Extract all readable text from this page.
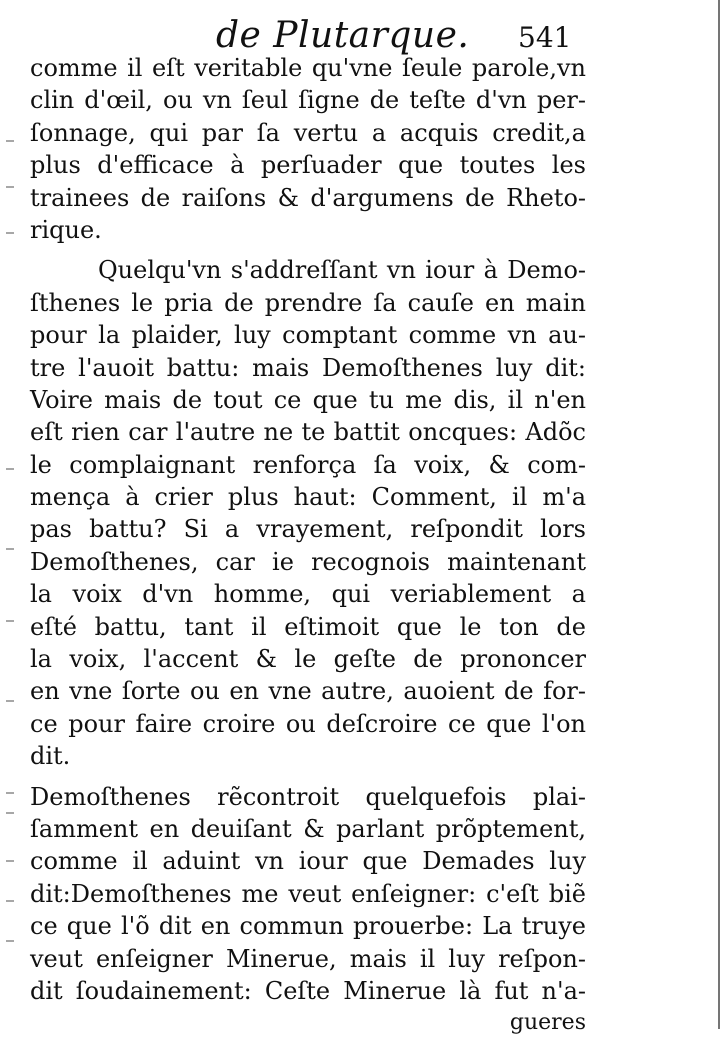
de Plutarque. 541
comme il eſt veritable qu'vne ſeule parole,vn
clin d'œil, ou vn ſeul ſigne de teſte d'vn per-
ſonnage, qui par ſa vertu a acquis credit,a
plus d'efficace à perſuader que toutes les
trainees de raiſons & d'argumens de Rheto-
rique.
Quelqu'vn s'addreſſant vn iour à Demo-
ſthenes le pria de prendre ſa cauſe en main
pour la plaider, luy comptant comme vn au-
tre l'auoit battu: mais Demoſthenes luy dit:
Voire mais de tout ce que tu me dis, il n'en
eſt rien car l'autre ne te battit oncques: Adõc
le complaignant renforça ſa voix, & com-
mença à crier plus haut: Comment, il m'a
pas battu? Si a vrayement, reſpondit lors
Demoſthenes, car ie recognois maintenant
la voix d'vn homme, qui veriablement a
eſté battu, tant il eſtimoit que le ton de
la voix, l'accent & le geſte de prononcer
en vne ſorte ou en vne autre, auoient de for-
ce pour faire croire ou deſcroire ce que l'on
dit.
Demoſthenes rẽcontroit quelquefois plai-
ſamment en deuiſant & parlant prõptement,
comme il aduint vn iour que Demades luy
dit:Demoſthenes me veut enſeigner: c'eſt biẽ
ce que l'õ dit en commun prouerbe: La truye
veut enſeigner Minerue, mais il luy reſpon-
dit ſoudainement: Ceſte Minerue là fut n'a-
gueres
